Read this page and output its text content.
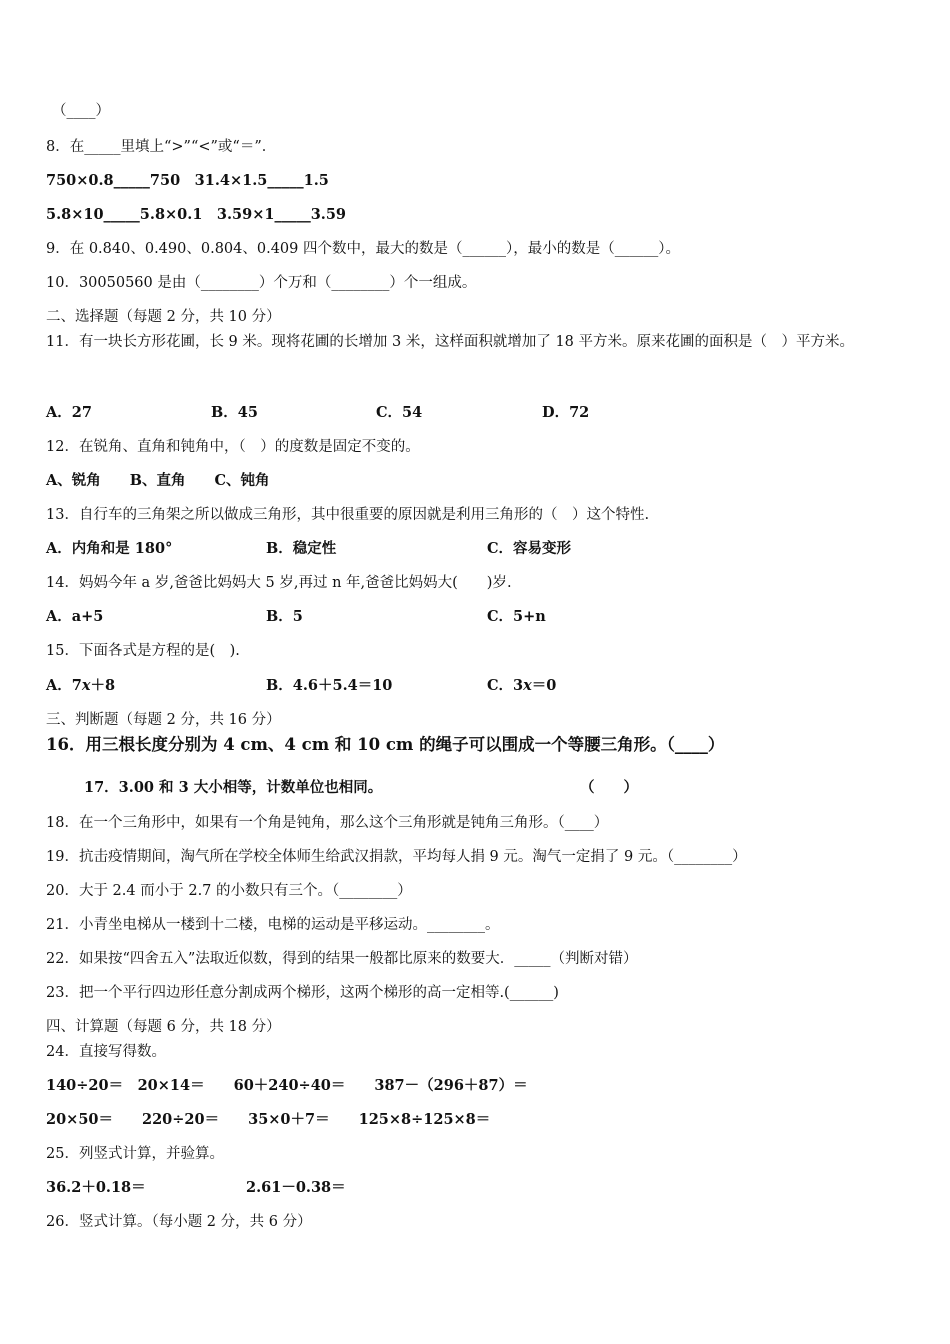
（____）
8．在_____里填上“>”“<”或“＝”．
750×0.8_____750　31.4×1.5_____1.5
5.8×10_____5.8×0.1　3.59×1_____3.59
9．在 0.840、0.490、0.804、0.409 四个数中，最大的数是（______），最小的数是（______）。
10．30050560 是由（________）个万和（________）个一组成。
二、选择题（每题 2 分，共 10 分）
11．有一块长方形花圃，长 9 米。现将花圃的长增加 3 米，这样面积就增加了 18 平方米。原来花圃的面积是（　）平方米。
A．27	B．45	C．54	D．72
12．在锐角、直角和钝角中，（　）的度数是固定不变的。
A、锐角　　B、直角　　C、钝角
13．自行车的三角架之所以做成三角形，其中很重要的原因就是利用三角形的（　）这个特性.
A．内角和是 180°	B．稳定性	C．容易变形
14．妈妈今年 a 岁,爸爸比妈妈大 5 岁,再过 n 年,爸爸比妈妈大(　　)岁.
A．a+5	B．5	C．5+n
15．下面各式是方程的是(　).
A．7x＋8	B．4.6＋5.4＝10	C．3x＝0
三、判断题（每题 2 分，共 16 分）
16．用三根长度分别为 4 cm、4 cm 和 10 cm 的绳子可以围成一个等腰三角形。（____）
17．3.00 和 3 大小相等，计数单位也相同。	（　　）
18．在一个三角形中，如果有一个角是钝角，那么这个三角形就是钝角三角形。（____）
19．抗击疫情期间，淘气所在学校全体师生给武汉捐款，平均每人捐 9 元。淘气一定捐了 9 元。（________）
20．大于 2.4 而小于 2.7 的小数只有三个。（________）
21．小青坐电梯从一楼到十二楼，电梯的运动是平移运动。________。
22．如果按“四舍五入”法取近似数，得到的结果一般都比原来的数要大．_____（判断对错）
23．把一个平行四边形任意分割成两个梯形，这两个梯形的高一定相等.(______)
四、计算题（每题 6 分，共 18 分）
24．直接写得数。
140÷20＝　20×14＝　　60＋240÷40＝　　387－（296＋87）＝
20×50＝　　220÷20＝　　35×0＋7＝　　125×8÷125×8＝
25．列竖式计算，并验算。
36.2＋0.18＝	2.61－0.38＝
26．竖式计算。（每小题 2 分，共 6 分）
